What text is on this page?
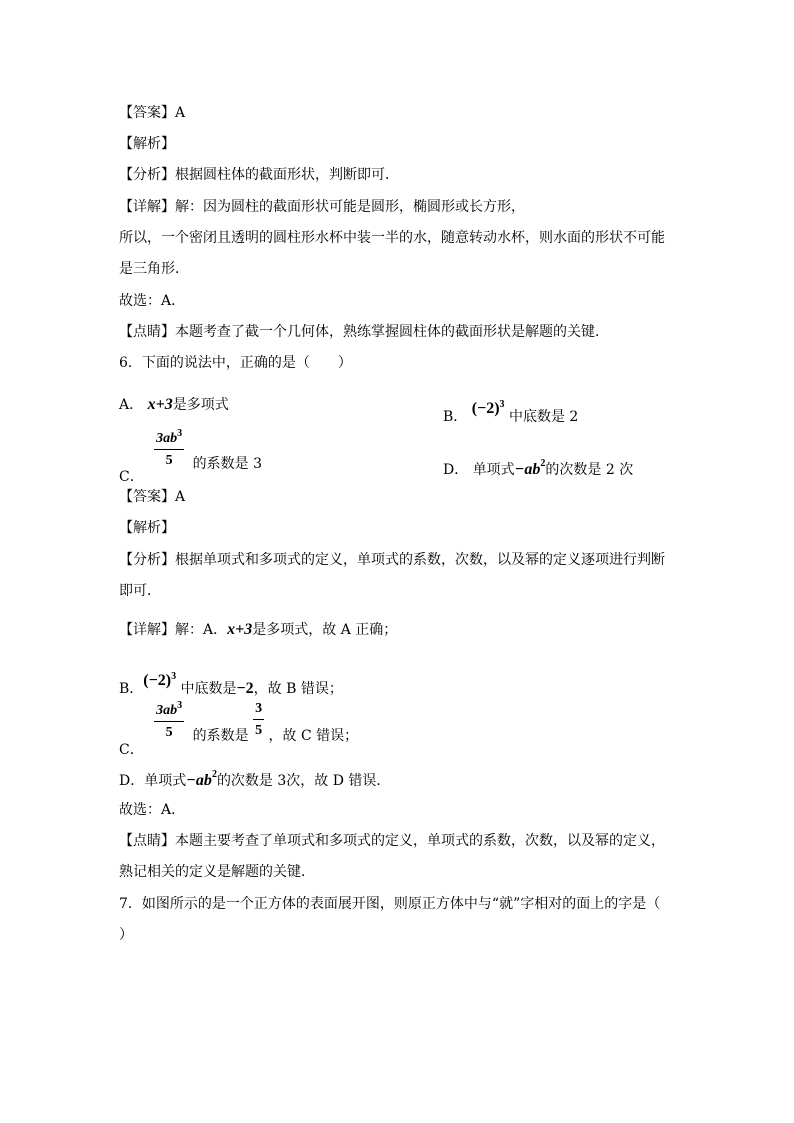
【答案】A
【解析】
【分析】根据圆柱体的截面形状，判断即可．
【详解】解：因为圆柱的截面形状可能是圆形，椭圆形或长方形，
所以，一个密闭且透明的圆柱形水杯中装一半的水，随意转动水杯，则水面的形状不可能
是三角形．
故选：A．
【点睛】本题考查了截一个几何体，熟练掌握圆柱体的截面形状是解题的关键．
6．下面的说法中，正确的是（　　）
A． x+3是多项式
B． $(-2)^3$ 中底数是 2
C．
$\frac{3ab^3}{5}$ 的系数是 3	D． 单项式$-ab^2$的次数是 2 次
【答案】A
【解析】
【分析】根据单项式和多项式的定义，单项式的系数，次数，以及幂的定义逐项进行判断
即可．
【详解】解：A．x+3是多项式，故 A 正确；
B．$(-2)^3$ 中底数是−2，故 B 错误；
C．
$\frac{3ab^3}{5}$ 的系数是 $\frac{3}{5}$ ，故 C 错误；
D．单项式$-ab^2$的次数是 3次，故 D 错误．
故选：A．
【点睛】本题主要考查了单项式和多项式的定义，单项式的系数，次数，以及幂的定义，
熟记相关的定义是解题的关键．
7．如图所示的是一个正方体的表面展开图，则原正方体中与“就”字相对的面上的字是（
）
